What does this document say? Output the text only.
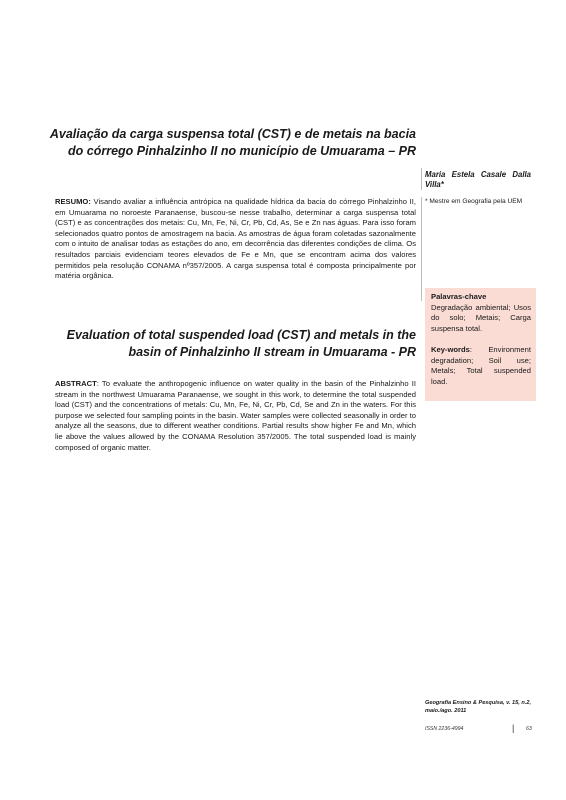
Avaliação da carga suspensa total (CST) e de metais na bacia
do córrego Pinhalzinho II no município de Umuarama – PR

Maria Estela Casale Dalla Villa*

* Mestre em Geografia pela UEM

RESUMO: Visando avaliar a influência antrópica na qualidade hídrica da bacia do córrego Pinhalzinho II, em Umuarama no noroeste Paranaense, buscou-se nesse trabalho, determinar a carga suspensa total (CST) e as concentrações dos metais: Cu, Mn, Fe, Ni, Cr, Pb, Cd, As, Se e Zn nas águas. Para isso foram selecionados quatro pontos de amostragem na bacia. As amostras de água foram coletadas sazonalmente com o intuito de analisar todas as estações do ano, em decorrência das diferentes condições de clima. Os resultados parciais evidenciam teores elevados de Fe e Mn, que se encontram acima dos valores permitidos pela resolução CONAMA nº357/2005. A carga suspensa total é composta principalmente por matéria orgânica.

Palavras-chave
Degradação ambiental; Usos do solo; Metais; Carga suspensa total.
Key-words: Environment degradation; Soil use; Metals; Total suspended load.
Evaluation of total suspended load (CST) and metals in the
basin of Pinhalzinho II stream in Umuarama - PR

ABSTRACT: To evaluate the anthropogenic influence on water quality in the basin of the Pinhalzinho II stream in the northwest Umuarama Paranaense, we sought in this work, to determine the total suspended load (CST) and the concentrations of metals: Cu, Mn, Fe, Ni, Cr, Pb, Cd, Se and Zn in the waters. For this purpose we selected four sampling points in the basin. Water samples were collected seasonally in order to analyze all the seasons, due to different weather conditions. Partial results show higher Fe and Mn, which lie above the values allowed by the CONAMA Resolution 357/2005. The total suspended load is mainly composed of organic matter.

Geografia Ensino & Pesquisa, v. 15, n.2, maio./ago. 2011

ISSN 2236-4994	| 63
